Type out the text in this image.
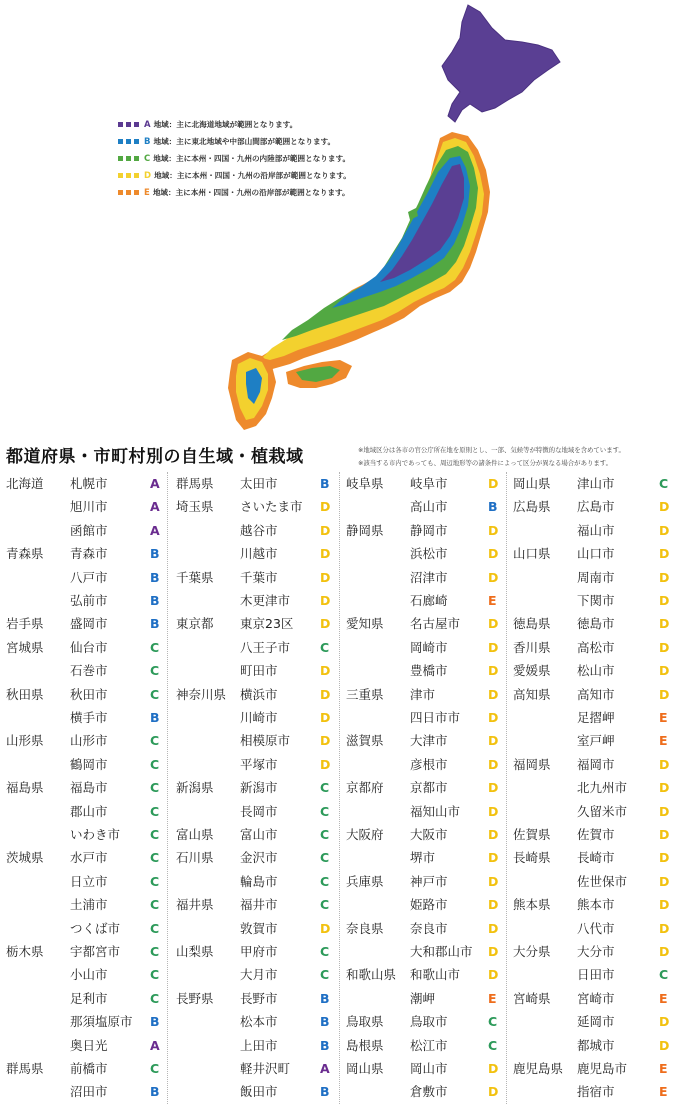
A 地域：主に北海道地域が範囲となります。
B 地域：主に東北地域や中部山間部が範囲となります。
C 地域：主に本州・四国・九州の内陸部が範囲となります。
D 地域：主に本州・四国・九州の沿岸部が範囲となります。
E 地域：主に本州・四国・九州の沿岸部が範囲となります。
都道府県・市町村別の自生域・植栽域	※地域区分は各市の官公庁所在地を原則とし、一部、気候等が特徴的な地域を含めています。
※該当する市内であっても、周辺地形等の諸条件によって区分が異なる場合があります。
北海道 札幌市	A
旭川市	A
函館市	A
青森県 青森市	B
八戸市	B
弘前市	B
岩手県 盛岡市	B
宮城県 仙台市	C
石巻市	C
秋田県 秋田市	C
横手市	B
山形県 山形市	C
鶴岡市	C
福島県 福島市	C
郡山市	C
いわき市 C
茨城県 水戸市	C
日立市	C
土浦市	C
つくば市 C
栃木県 宇都宮市 C
小山市	C
足利市	C
那須塩原市 B
奥日光	A
群馬県 前橋市	C
沼田市	B
群馬県 太田市	B
埼玉県 さいたま市 D
越谷市	D
川越市	D
千葉県 千葉市	D
木更津市 D
東京都 東京23区 D
八王子市 C
町田市	D
神奈川県 横浜市	D
川崎市	D
相模原市 D
平塚市	D
新潟県 新潟市	C
長岡市	C
富山県 富山市	C
石川県 金沢市	C
輪島市	C
福井県 福井市	C
敦賀市	D
山梨県 甲府市	C
大月市	C
長野県 長野市	B
松本市	B
上田市	B
軽井沢町 A
飯田市	B
岐阜県 岐阜市	D
高山市	B
静岡県 静岡市	D
浜松市	D
沼津市	D
石廊崎	E
愛知県 名古屋市 D
岡崎市	D
豊橋市	D
三重県 津市	D
四日市市 D
滋賀県 大津市	D
彦根市	D
京都府 京都市	D
福知山市 D
大阪府 大阪市	D
堺市	D
兵庫県 神戸市	D
姫路市	D
奈良県 奈良市	D
大和郡山市 D
和歌山県 和歌山市 D
潮岬	E
鳥取県 鳥取市	C
島根県 松江市	C
岡山県 岡山市	D
倉敷市	D
岡山県 津山市	C
広島県 広島市	D
福山市	D
山口県 山口市	D
周南市	D
下関市	D
徳島県 徳島市	D
香川県 高松市	D
愛媛県 松山市	D
高知県 高知市	D
足摺岬	E
室戸岬	E
福岡県 福岡市	D
北九州市	D
久留米市	D
佐賀県 佐賀市	D
長崎県 長崎市	D
佐世保市	D
熊本県 熊本市	D
八代市	D
大分県 大分市	D
日田市	C
宮崎県 宮崎市	E
延岡市	D
都城市	D
鹿児島県 鹿児島市	E
指宿市	E
